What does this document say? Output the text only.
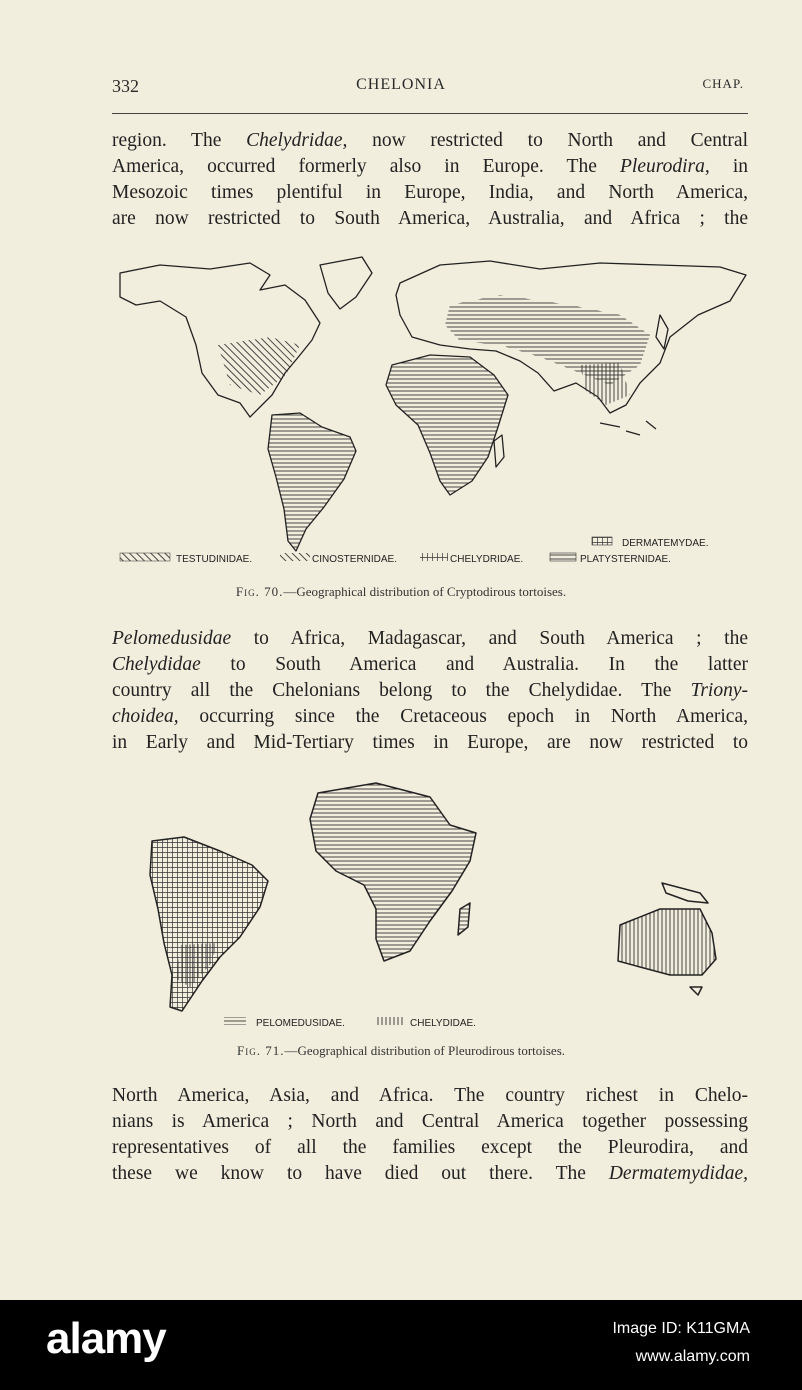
332	CHELONIA	CHAP.
region. The Chelydridae, now restricted to North and Central
America, occurred formerly also in Europe. The Pleurodira, in
Mesozoic times plentiful in Europe, India, and North America,
are now restricted to South America, Australia, and Africa ; the
TESTUDINIDAE.	CINOSTERNIDAE.	CHELYDRIDAE.	PLATYSTERNIDAE.
DERMATEMYDAE.
Fig. 70.—Geographical distribution of Cryptodirous tortoises.
Pelomedusidae to Africa, Madagascar, and South America ; the
Chelydidae to South America and Australia. In the latter
country all the Chelonians belong to the Chelydidae. The Triony-
choidea, occurring since the Cretaceous epoch in North America,
in Early and Mid-Tertiary times in Europe, are now restricted to
PELOMEDUSIDAE.	CHELYDIDAE.
Fig. 71.—Geographical distribution of Pleurodirous tortoises.
North America, Asia, and Africa. The country richest in Chelo-
nians is America ; North and Central America together possessing
representatives of all the families except the Pleurodira, and
these we know to have died out there. The Dermatemydidae,
alamy	Image ID: K11GMA
www.alamy.com
